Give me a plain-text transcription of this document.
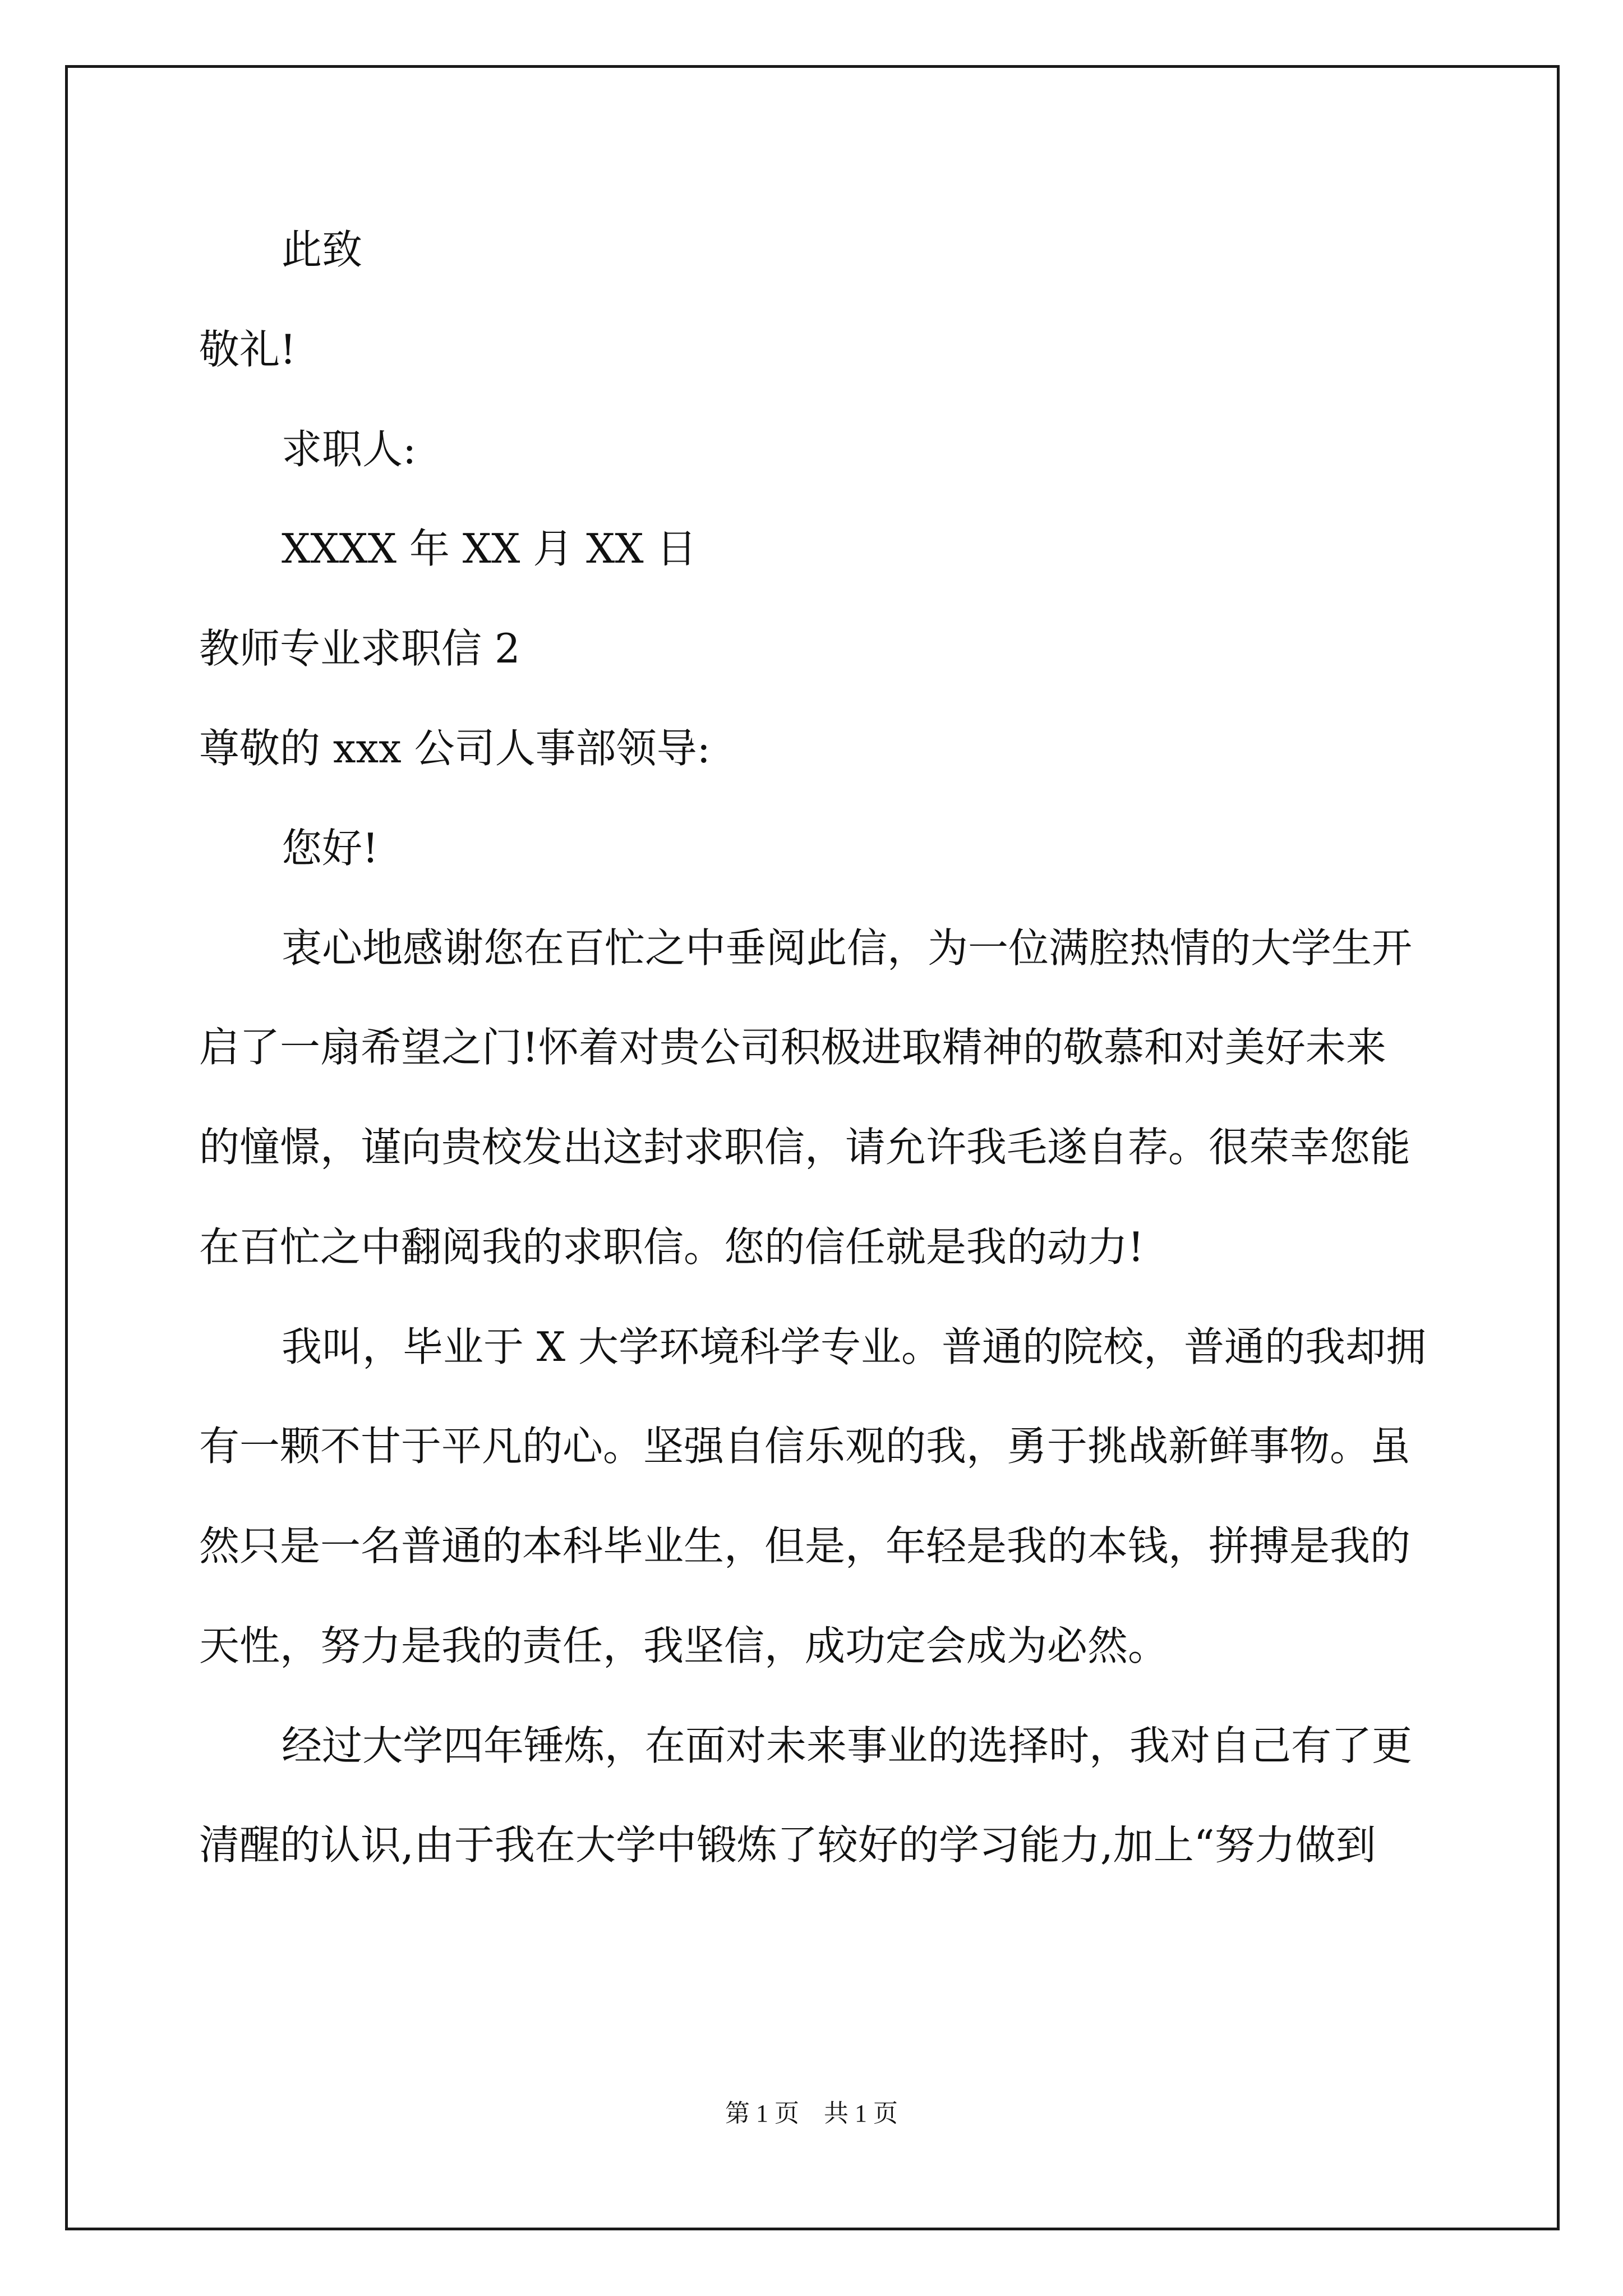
此致
敬礼!
求职人:
XXXX 年 XX 月 XX 日
教师专业求职信 2
尊敬的 xxx 公司人事部领导:
您好!
衷心地感谢您在百忙之中垂阅此信，为一位满腔热情的大学生开
启了一扇希望之门!怀着对贵公司积极进取精神的敬慕和对美好未来
的憧憬，谨向贵校发出这封求职信，请允许我毛遂自荐。很荣幸您能
在百忙之中翻阅我的求职信。您的信任就是我的动力!
我叫，毕业于 X 大学环境科学专业。普通的院校，普通的我却拥
有一颗不甘于平凡的心。坚强自信乐观的我，勇于挑战新鲜事物。虽
然只是一名普通的本科毕业生，但是，年轻是我的本钱，拼搏是我的
天性，努力是我的责任，我坚信，成功定会成为必然。
经过大学四年锤炼，在面对未来事业的选择时，我对自己有了更
清醒的认识,由于我在大学中锻炼了较好的学习能力,加上“努力做到
第 1 页 共 1 页
